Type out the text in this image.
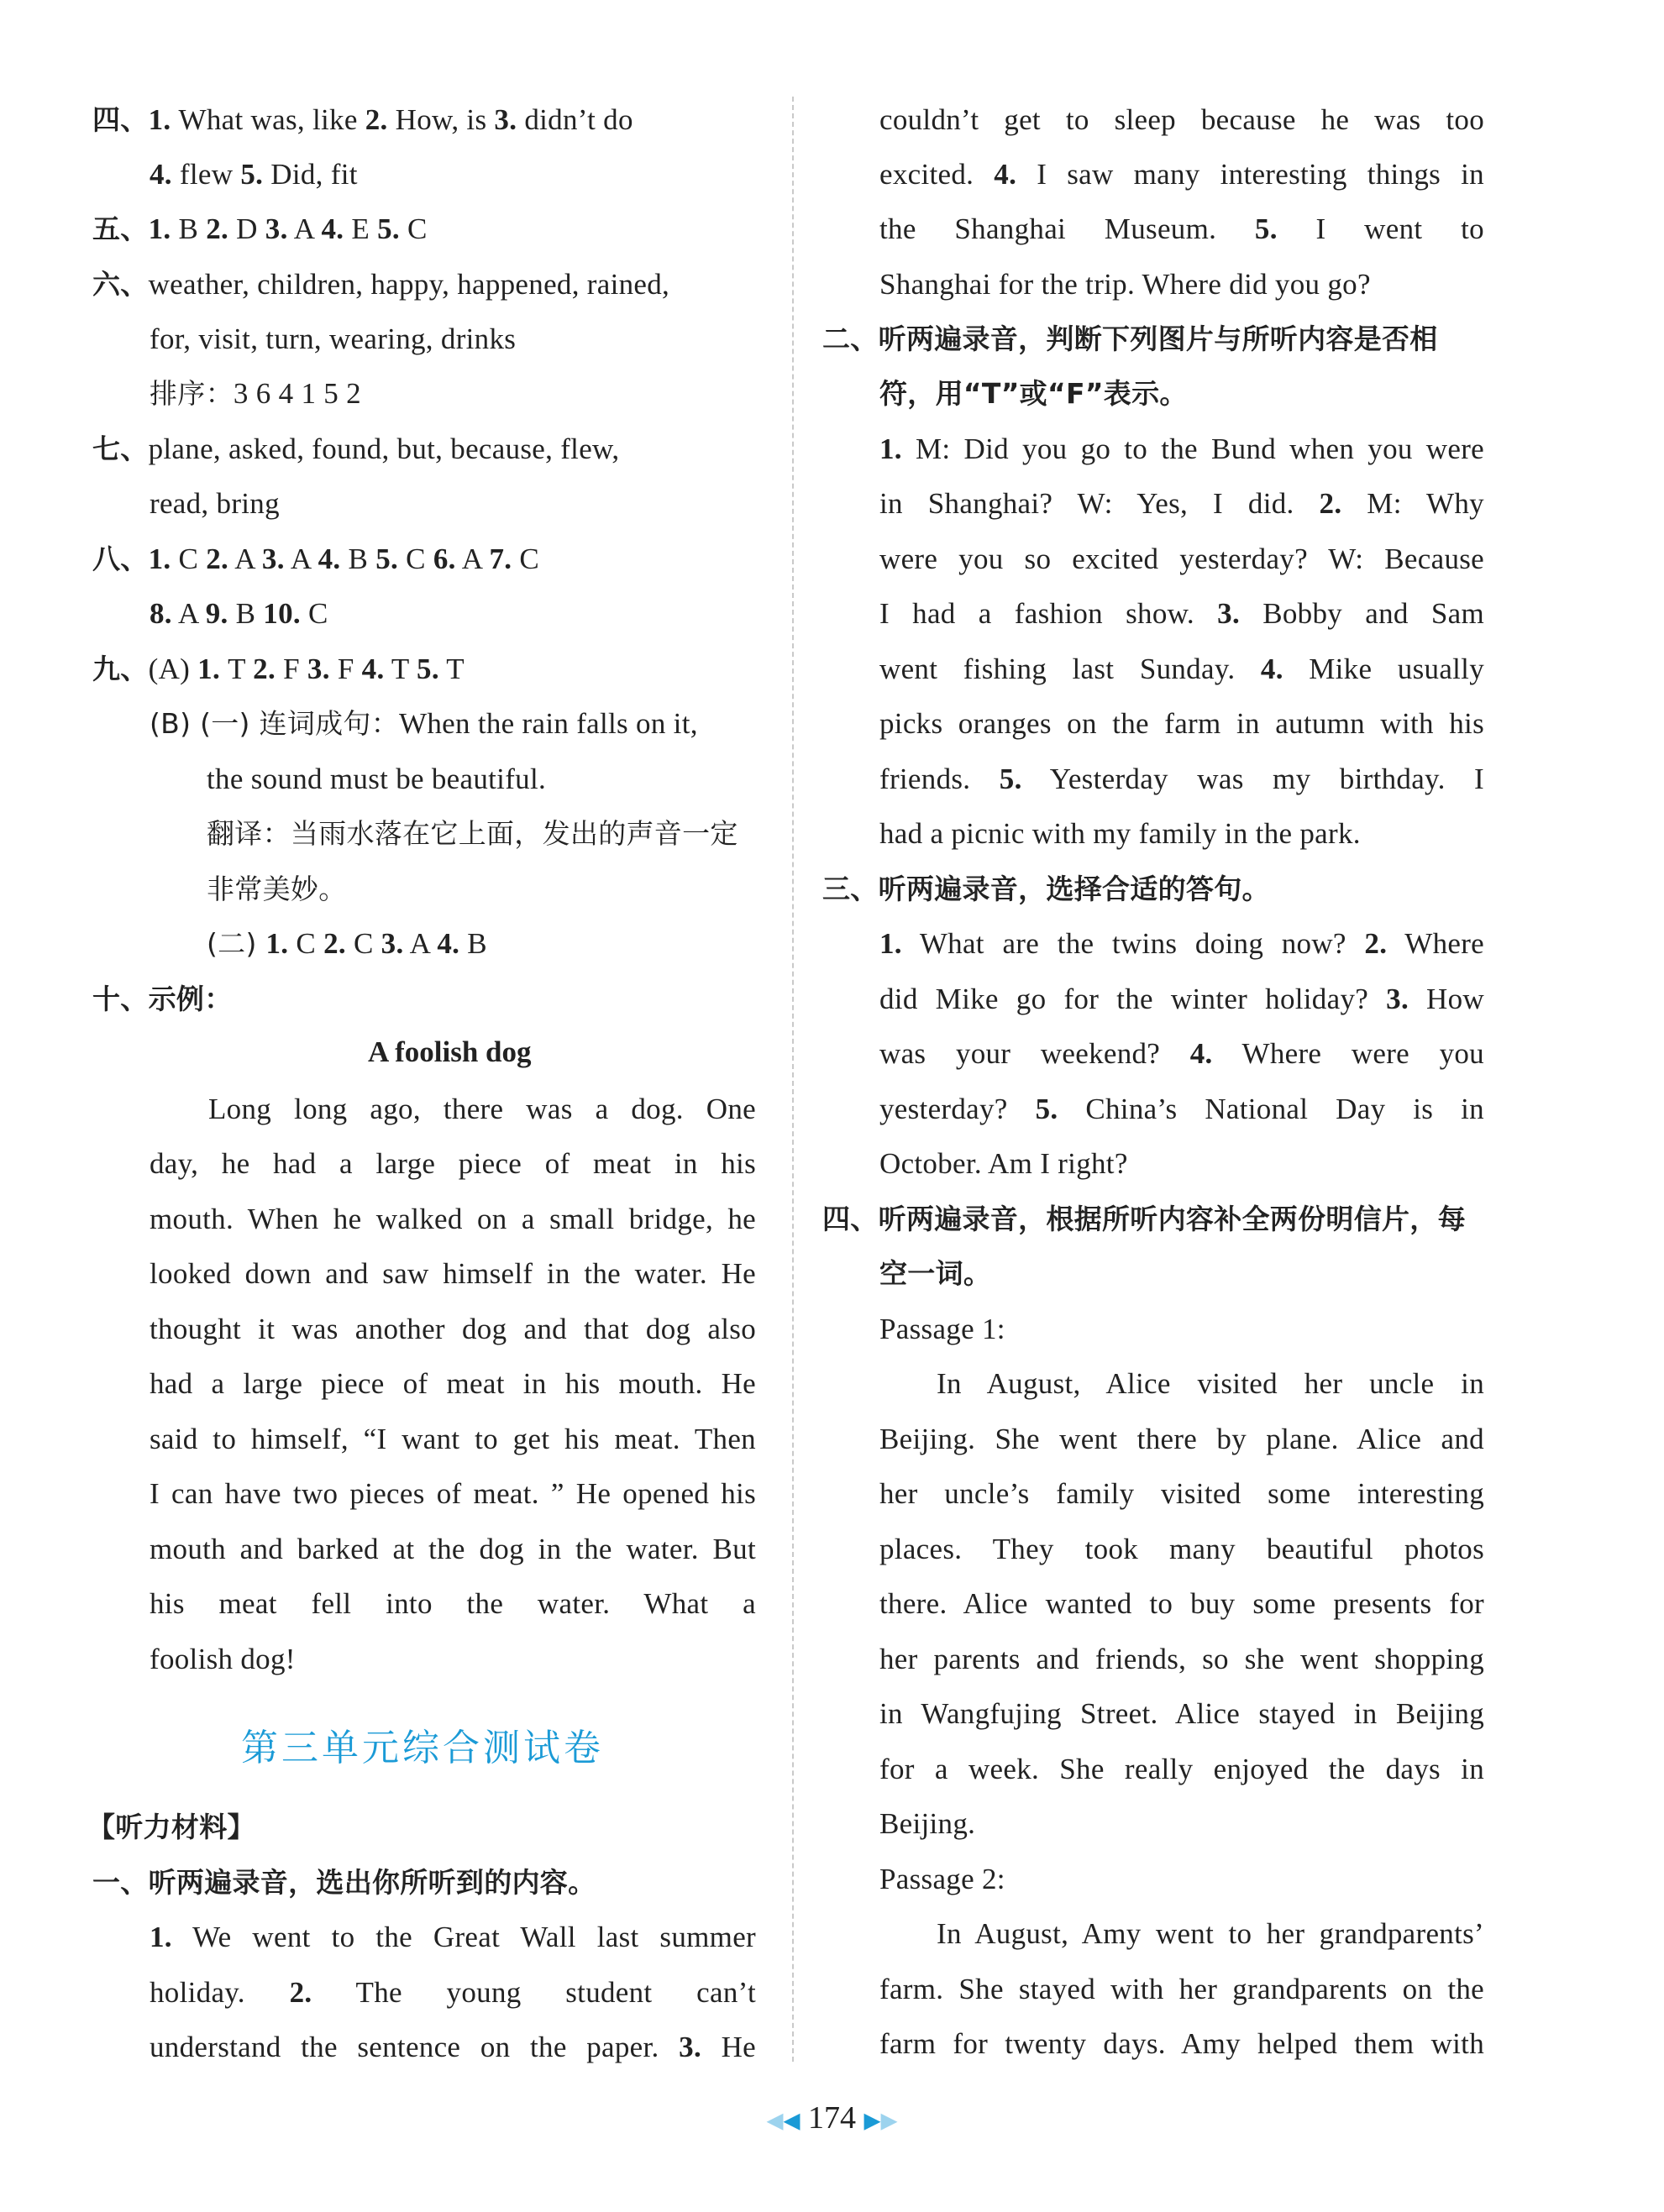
四、1. What was, like 2. How, is 3. didn’t do
4. flew 5. Did, fit
五、1. B 2. D 3. A 4. E 5. C
六、weather, children, happy, happened, rained,
for, visit, turn, wearing, drinks
排序：3 6 4 1 5 2
七、plane, asked, found, but, because, flew,
read, bring
八、1. C 2. A 3. A 4. B 5. C 6. A 7. C
8. A 9. B 10. C
九、(A) 1. T 2. F 3. F 4. T 5. T
(B) (一) 连词成句：When the rain falls on it,
the sound must be beautiful.
翻译：当雨水落在它上面，发出的声音一定
非常美妙。
(二) 1. C 2. C 3. A 4. B
十、示例：
A foolish dog
Long long ago, there was a dog. One
day, he had a large piece of meat in his
mouth. When he walked on a small bridge, he
looked down and saw himself in the water. He
thought it was another dog and that dog also
had a large piece of meat in his mouth. He
said to himself, “I want to get his meat. Then
I can have two pieces of meat. ” He opened his
mouth and barked at the dog in the water. But
his meat fell into the water. What a
foolish dog!
第三单元综合测试卷
【听力材料】
一、听两遍录音，选出你所听到的内容。
1. We went to the Great Wall last summer
holiday. 2. The young student can’t
understand the sentence on the paper. 3. He
couldn’t get to sleep because he was too
excited. 4. I saw many interesting things in
the Shanghai Museum. 5. I went to
Shanghai for the trip. Where did you go?
二、听两遍录音，判断下列图片与所听内容是否相
符，用“T”或“F”表示。
1. M: Did you go to the Bund when you were
in Shanghai? W: Yes, I did. 2. M: Why
were you so excited yesterday? W: Because
I had a fashion show. 3. Bobby and Sam
went fishing last Sunday. 4. Mike usually
picks oranges on the farm in autumn with his
friends. 5. Yesterday was my birthday. I
had a picnic with my family in the park.
三、听两遍录音，选择合适的答句。
1. What are the twins doing now? 2. Where
did Mike go for the winter holiday? 3. How
was your weekend? 4. Where were you
yesterday? 5. China’s National Day is in
October. Am I right?
四、听两遍录音，根据所听内容补全两份明信片，每
空一词。
Passage 1:
In August, Alice visited her uncle in
Beijing. She went there by plane. Alice and
her uncle’s family visited some interesting
places. They took many beautiful photos
there. Alice wanted to buy some presents for
her parents and friends, so she went shopping
in Wangfujing Street. Alice stayed in Beijing
for a week. She really enjoyed the days in
Beijing.
Passage 2:
In August, Amy went to her grandparents’
farm. She stayed with her grandparents on the
farm for twenty days. Amy helped them with
◀◀ 174 ▶▶
